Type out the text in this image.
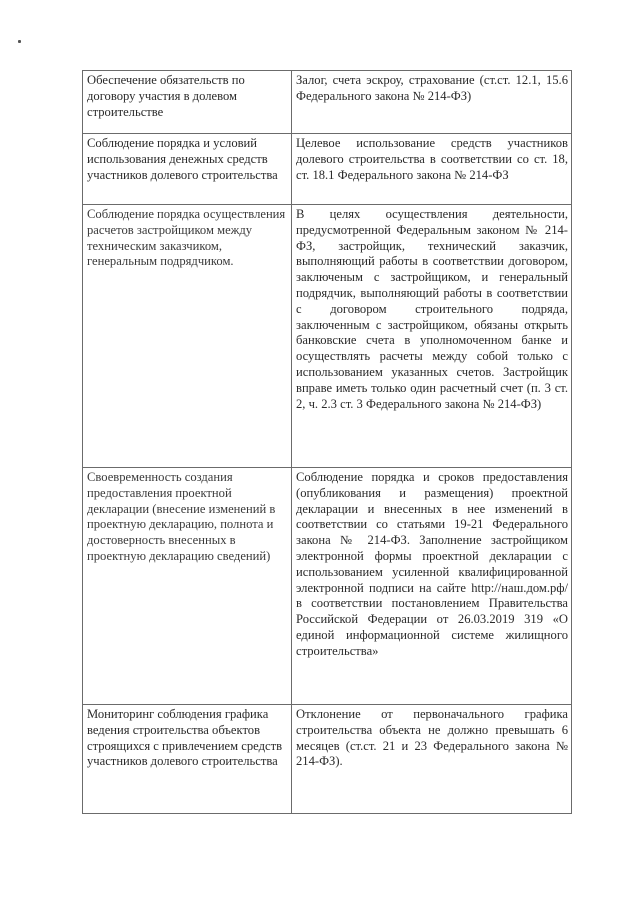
Обеспечение обязательств по договору участия в долевом строительстве	Залог, счета эскроу, страхование (ст.ст. 12.1, 15.6 Федерального закона № 214-ФЗ)
Соблюдение порядка и условий использования денежных средств участников долевого строительства	Целевое использование средств участников долевого строительства в соответствии со ст. 18, ст. 18.1 Федерального закона № 214-ФЗ
Соблюдение порядка осуществления расчетов застройщиком между техническим заказчиком, генеральным подрядчиком.	В целях осуществления деятельности, предусмотренной Федеральным законом № 214-ФЗ, застройщик, технический заказчик, выполняющий работы в соответствии договором, заключеным с застройщиком, и генеральный подрядчик, выполняющий работы в соответствии с договором строительного подряда, заключенным с застройщиком, обязаны открыть банковские счета в уполномоченном банке и осуществлять расчеты между собой только с использованием указанных счетов. Застройщик вправе иметь только один расчетный счет (п. 3 ст. 2, ч. 2.3 ст. 3 Федерального закона № 214-ФЗ)
Своевременность создания предоставления проектной декларации (внесение изменений в проектную декларацию, полнота и достоверность внесенных в проектную декларацию сведений)	Соблюдение порядка и сроков предоставления (опубликования и размещения) проектной декларации и внесенных в нее изменений в соответствии со статьями 19-21 Федерального закона № 214-ФЗ. Заполнение застройщиком электронной формы проектной декларации с использованием усиленной квалифицированной электронной подписи на сайте http://наш.дом.рф/ в соответствии постановлением Правительства Российской Федерации от 26.03.2019 319 «О единой информационной системе жилищного строительства»
Мониторинг соблюдения графика ведения строительства объектов строящихся с привлечением средств участников долевого строительства	Отклонение от первоначального графика строительства объекта не должно превышать 6 месяцев (ст.ст. 21 и 23 Федерального закона № 214-ФЗ).
